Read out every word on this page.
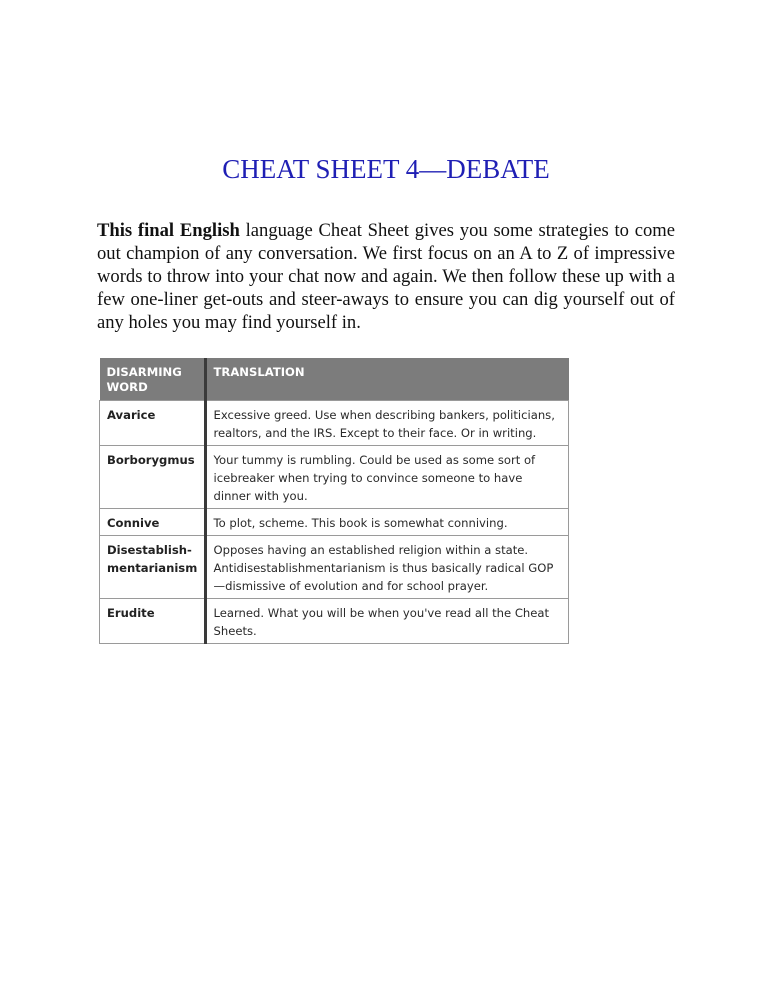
CHEAT SHEET 4—DEBATE

This final English language Cheat Sheet gives you some strategies to come out champion of any conversation. We first focus on an A to Z of impressive words to throw into your chat now and again. We then follow these up with a few one-liner get-outs and steer-aways to ensure you can dig yourself out of any holes you may find yourself in.

DISARMING WORD	TRANSLATION
Avarice	Excessive greed. Use when describing bankers, politicians, realtors, and the IRS. Except to their face. Or in writing.
Borborygmus	Your tummy is rumbling. Could be used as some sort of icebreaker when trying to convince someone to have dinner with you.
Connive	To plot, scheme. This book is somewhat conniving.
Disestablish-mentarianism	Opposes having an established religion within a state. Antidisestablishmentarianism is thus basically radical GOP—dismissive of evolution and for school prayer.
Erudite	Learned. What you will be when you've read all the Cheat Sheets.
